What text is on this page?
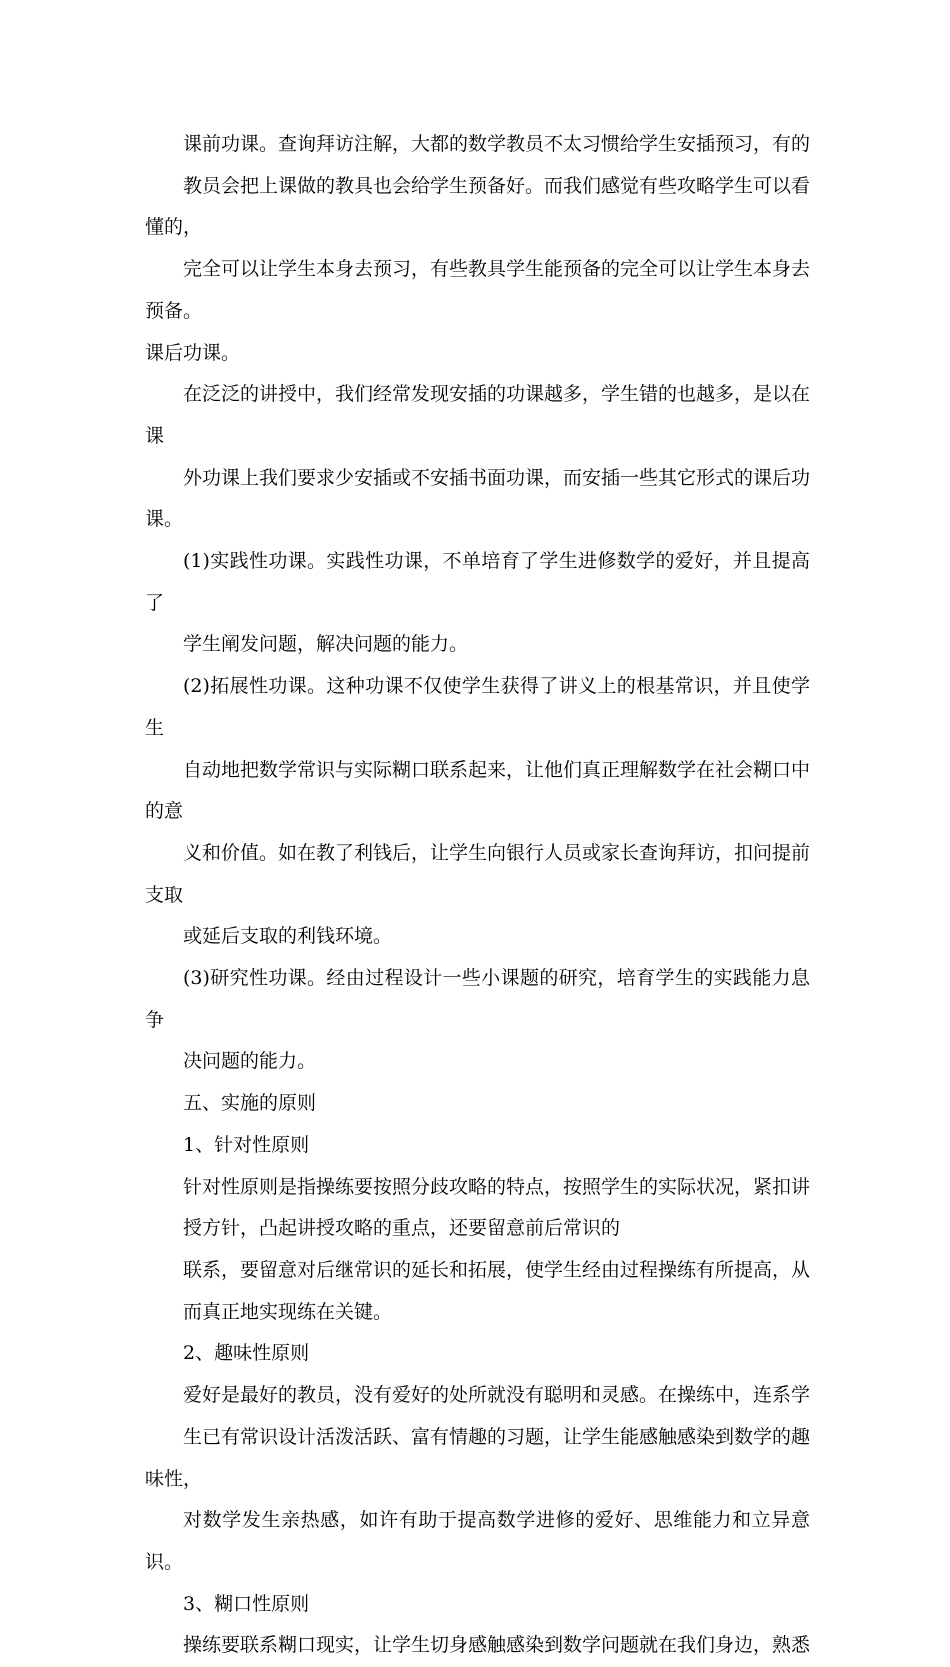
课前功课。查询拜访注解，大都的数学教员不太习惯给学生安插预习，有的
教员会把上课做的教具也会给学生预备好。而我们感觉有些攻略学生可以看懂的，
完全可以让学生本身去预习，有些教具学生能预备的完全可以让学生本身去预备。
课后功课。
在泛泛的讲授中，我们经常发现安插的功课越多，学生错的也越多，是以在课
外功课上我们要求少安插或不安插书面功课，而安插一些其它形式的课后功课。
(1)实践性功课。实践性功课，不单培育了学生进修数学的爱好，并且提高了
学生阐发问题，解决问题的能力。
(2)拓展性功课。这种功课不仅使学生获得了讲义上的根基常识，并且使学生
自动地把数学常识与实际糊口联系起来，让他们真正理解数学在社会糊口中的意
义和价值。如在教了利钱后，让学生向银行人员或家长查询拜访，扣问提前支取
或延后支取的利钱环境。
(3)研究性功课。经由过程设计一些小课题的研究，培育学生的实践能力息争
决问题的能力。
五、实施的原则
1、针对性原则
针对性原则是指操练要按照分歧攻略的特点，按照学生的实际状况，紧扣讲
授方针，凸起讲授攻略的重点，还要留意前后常识的
联系，要留意对后继常识的延长和拓展，使学生经由过程操练有所提高，从
而真正地实现练在关键。
2、趣味性原则
爱好是最好的教员，没有爱好的处所就没有聪明和灵感。在操练中，连系学
生已有常识设计活泼活跃、富有情趣的习题，让学生能感触感染到数学的趣味性，
对数学发生亲热感，如许有助于提高数学进修的爱好、思维能力和立异意识。
3、糊口性原则
操练要联系糊口现实，让学生切身感触感染到数学问题就在我们身边，熟悉
